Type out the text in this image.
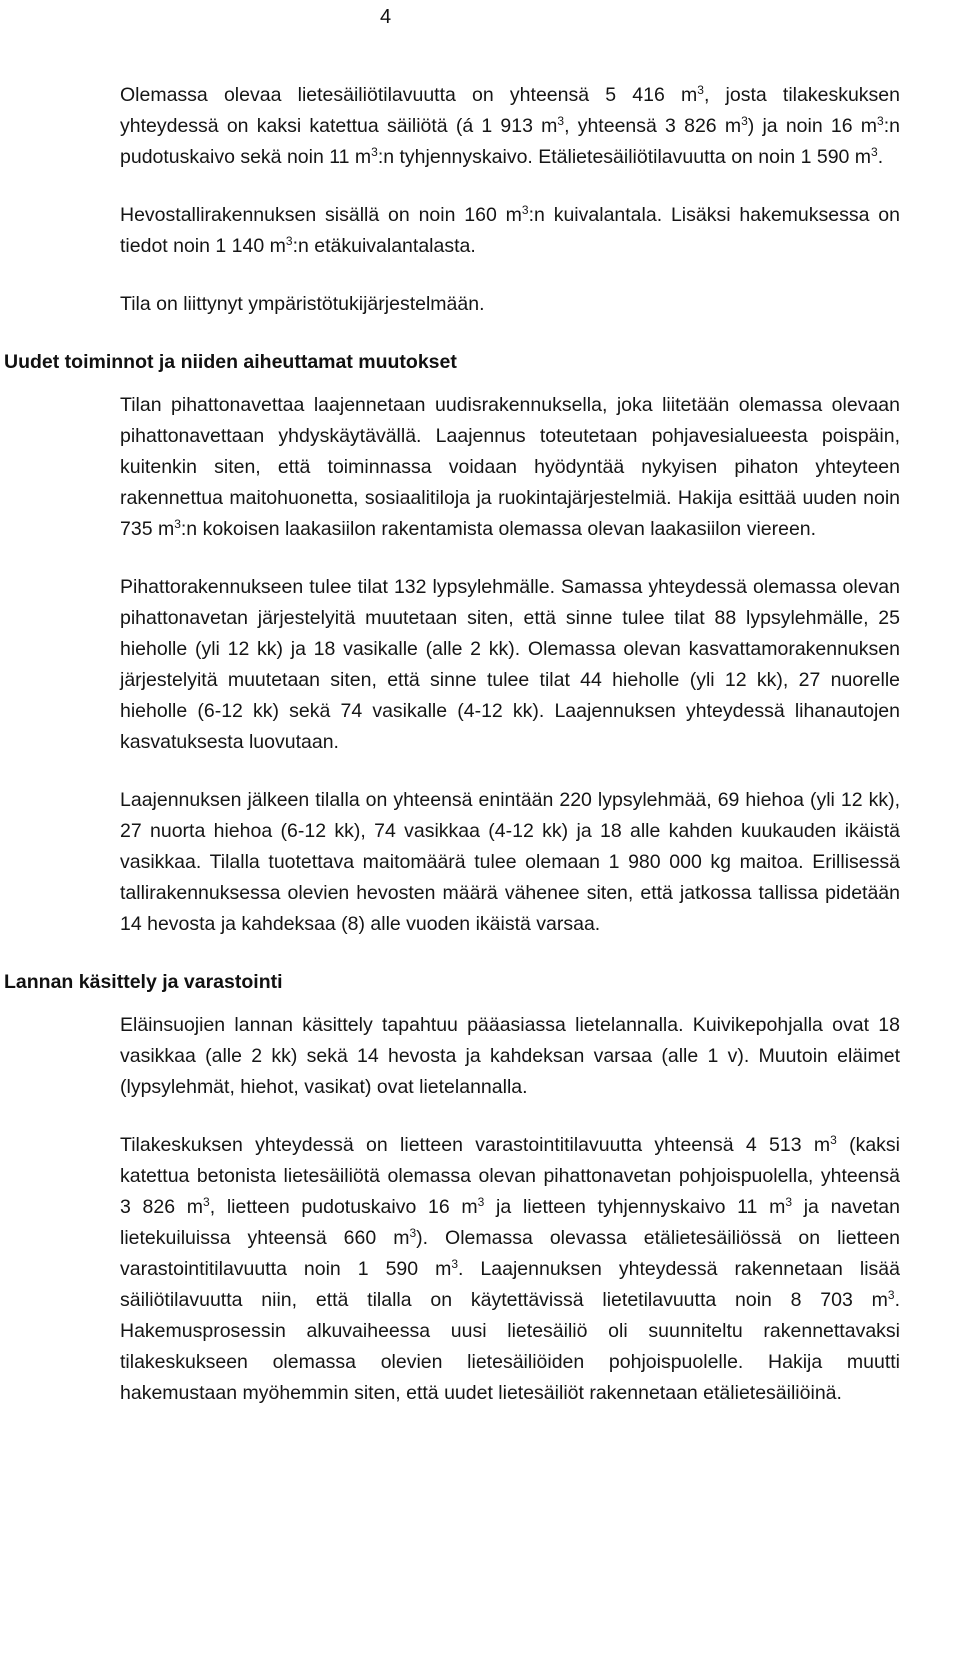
4

Olemassa olevaa lietesäiliötilavuutta on yhteensä 5 416 $m^3$, josta tilakeskuksen yhteydessä on kaksi katettua säiliötä (á 1 913 $m^3$, yhteensä 3 826 $m^3$) ja noin 16 $m^3:n$ pudotuskaivo sekä noin 11 $m^3:n$ tyhjennyskaivo. Etälietesäiliötilavuutta on noin 1 590 $m^3$.

Hevostallirakennuksen sisällä on noin 160 $m^3:n$ kuivalantala. Lisäksi hakemuksessa on tiedot noin 1 140 $m^3:n$ etäkuivalantalasta.

Tila on liittynyt ympäristötukijärjestelmään.

Uudet toiminnot ja niiden aiheuttamat muutokset

Tilan pihattonavettaa laajennetaan uudisrakennuksella, joka liitetään olemassa olevaan pihattonavettaan yhdyskäytävällä. Laajennus toteutetaan pohjavesialueesta poispäin, kuitenkin siten, että toiminnassa voidaan hyödyntää nykyisen pihaton yhteyteen rakennettua maitohuonetta, sosiaalitiloja ja ruokintajärjestelmiä. Hakija esittää uuden noin 735 $m^3:n$ kokoisen laakasiilon rakentamista olemassa olevan laakasiilon viereen.

Pihattorakennukseen tulee tilat 132 lypsylehmälle. Samassa yhteydessä olemassa olevan pihattonavetan järjestelyitä muutetaan siten, että sinne tulee tilat 88 lypsylehmälle, 25 hieholle (yli 12 kk) ja 18 vasikalle (alle 2 kk). Olemassa olevan kasvattamorakennuksen järjestelyitä muutetaan siten, että sinne tulee tilat 44 hieholle (yli 12 kk), 27 nuorelle hieholle (6-12 kk) sekä 74 vasikalle (4-12 kk). Laajennuksen yhteydessä lihanautojen kasvatuksesta luovutaan.

Laajennuksen jälkeen tilalla on yhteensä enintään 220 lypsylehmää, 69 hiehoa (yli 12 kk), 27 nuorta hiehoa (6-12 kk), 74 vasikkaa (4-12 kk) ja 18 alle kahden kuukauden ikäistä vasikkaa. Tilalla tuotettava maitomäärä tulee olemaan 1 980 000 kg maitoa. Erillisessä tallirakennuksessa olevien hevosten määrä vähenee siten, että jatkossa tallissa pidetään 14 hevosta ja kahdeksaa (8) alle vuoden ikäistä varsaa.

Lannan käsittely ja varastointi

Eläinsuojien lannan käsittely tapahtuu pääasiassa lietelannalla. Kuivikepohjalla ovat 18 vasikkaa (alle 2 kk) sekä 14 hevosta ja kahdeksan varsaa (alle 1 v). Muutoin eläimet (lypsylehmät, hiehot, vasikat) ovat lietelannalla.

Tilakeskuksen yhteydessä on lietteen varastointitilavuutta yhteensä 4 513 $m^3$ (kaksi katettua betonista lietesäiliötä olemassa olevan pihattonavetan pohjoispuolella, yhteensä 3 826 $m^3$, lietteen pudotuskaivo 16 $m^3$ ja lietteen tyhjennyskaivo 11 $m^3$ ja navetan lietekuiluissa yhteensä 660 $m^3$). Olemassa olevassa etälietesäiliössä on lietteen varastointitilavuutta noin 1 590 $m^3$. Laajennuksen yhteydessä rakennetaan lisää säiliötilavuutta niin, että tilalla on käytettävissä lietetilavuutta noin 8 703 $m^3$. Hakemusprosessin alkuvaiheessa uusi lietesäiliö oli suunniteltu rakennettavaksi tilakeskukseen olemassa olevien lietesäiliöiden pohjoispuolelle. Hakija muutti hakemustaan myöhemmin siten, että uudet lietesäiliöt rakennetaan etälietesäiliöinä.
